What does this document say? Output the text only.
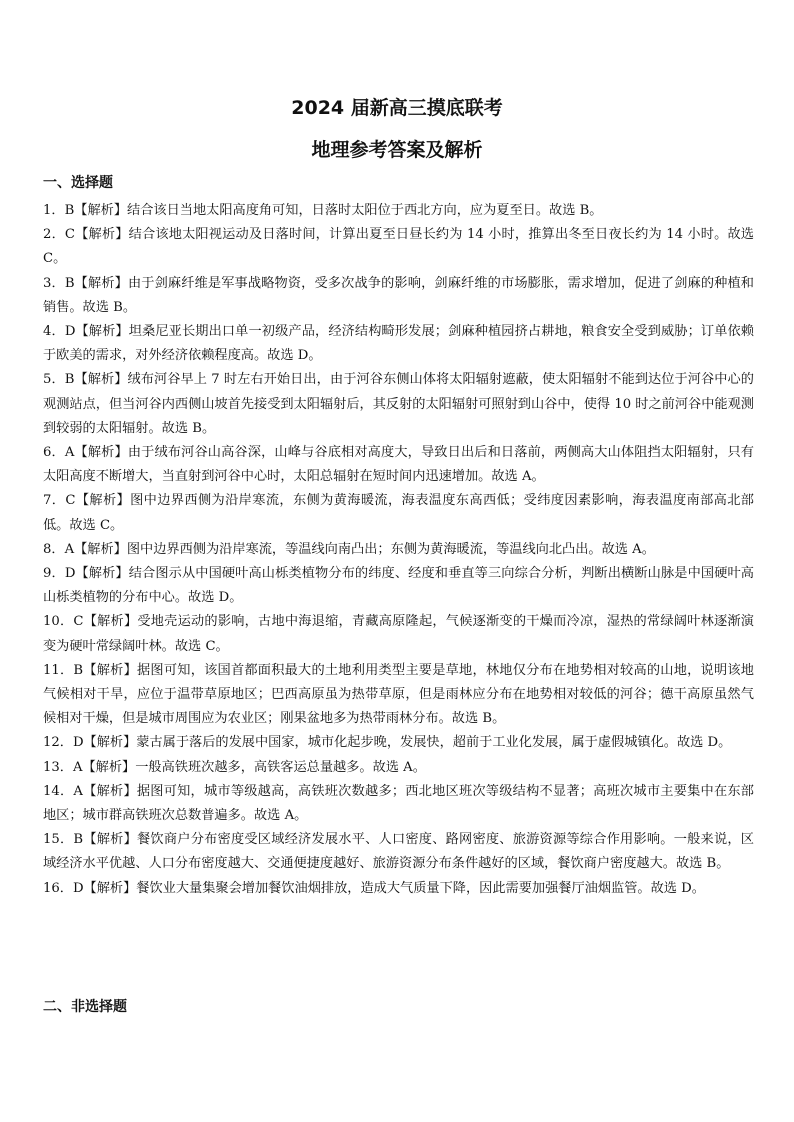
2024 届新高三摸底联考
地理参考答案及解析
一、选择题

1．B【解析】结合该日当地太阳高度角可知，日落时太阳位于西北方向，应为夏至日。故选 B。

2．C【解析】结合该地太阳视运动及日落时间，计算出夏至日昼长约为 14 小时，推算出冬至日夜长约为 14 小时。故选 C。

3．B【解析】由于剑麻纤维是军事战略物资，受多次战争的影响，剑麻纤维的市场膨胀，需求增加，促进了剑麻的种植和销售。故选 B。

4．D【解析】坦桑尼亚长期出口单一初级产品，经济结构畸形发展；剑麻种植园挤占耕地，粮食安全受到威胁；订单依赖于欧美的需求，对外经济依赖程度高。故选 D。

5．B【解析】绒布河谷早上 7 时左右开始日出，由于河谷东侧山体将太阳辐射遮蔽，使太阳辐射不能到达位于河谷中心的观测站点，但当河谷内西侧山坡首先接受到太阳辐射后，其反射的太阳辐射可照射到山谷中，使得 10 时之前河谷中能观测到较弱的太阳辐射。故选 B。

6．A【解析】由于绒布河谷山高谷深，山峰与谷底相对高度大，导致日出后和日落前，两侧高大山体阻挡太阳辐射，只有太阳高度不断增大，当直射到河谷中心时，太阳总辐射在短时间内迅速增加。故选 A。

7．C【解析】图中边界西侧为沿岸寒流，东侧为黄海暖流，海表温度东高西低；受纬度因素影响，海表温度南部高北部低。故选 C。

8．A【解析】图中边界西侧为沿岸寒流，等温线向南凸出；东侧为黄海暖流，等温线向北凸出。故选 A。

9．D【解析】结合图示从中国硬叶高山栎类植物分布的纬度、经度和垂直等三向综合分析，判断出横断山脉是中国硬叶高山栎类植物的分布中心。故选 D。

10．C【解析】受地壳运动的影响，古地中海退缩，青藏高原隆起，气候逐渐变的干燥而冷凉，湿热的常绿阔叶林逐渐演变为硬叶常绿阔叶林。故选 C。

11．B【解析】据图可知，该国首都面积最大的土地利用类型主要是草地，林地仅分布在地势相对较高的山地，说明该地气候相对干旱，应位于温带草原地区；巴西高原虽为热带草原，但是雨林应分布在地势相对较低的河谷；德干高原虽然气候相对干燥，但是城市周围应为农业区；刚果盆地多为热带雨林分布。故选 B。

12．D【解析】蒙古属于落后的发展中国家，城市化起步晚，发展快，超前于工业化发展，属于虚假城镇化。故选 D。

13．A【解析】一般高铁班次越多，高铁客运总量越多。故选 A。

14．A【解析】据图可知，城市等级越高，高铁班次数越多；西北地区班次等级结构不显著；高班次城市主要集中在东部地区；城市群高铁班次总数普遍多。故选 A。

15．B【解析】餐饮商户分布密度受区域经济发展水平、人口密度、路网密度、旅游资源等综合作用影响。一般来说，区域经济水平优越、人口分布密度越大、交通便捷度越好、旅游资源分布条件越好的区域，餐饮商户密度越大。故选 B。

16．D【解析】餐饮业大量集聚会增加餐饮油烟排放，造成大气质量下降，因此需要加强餐厅油烟监管。故选 D。

二、非选择题
